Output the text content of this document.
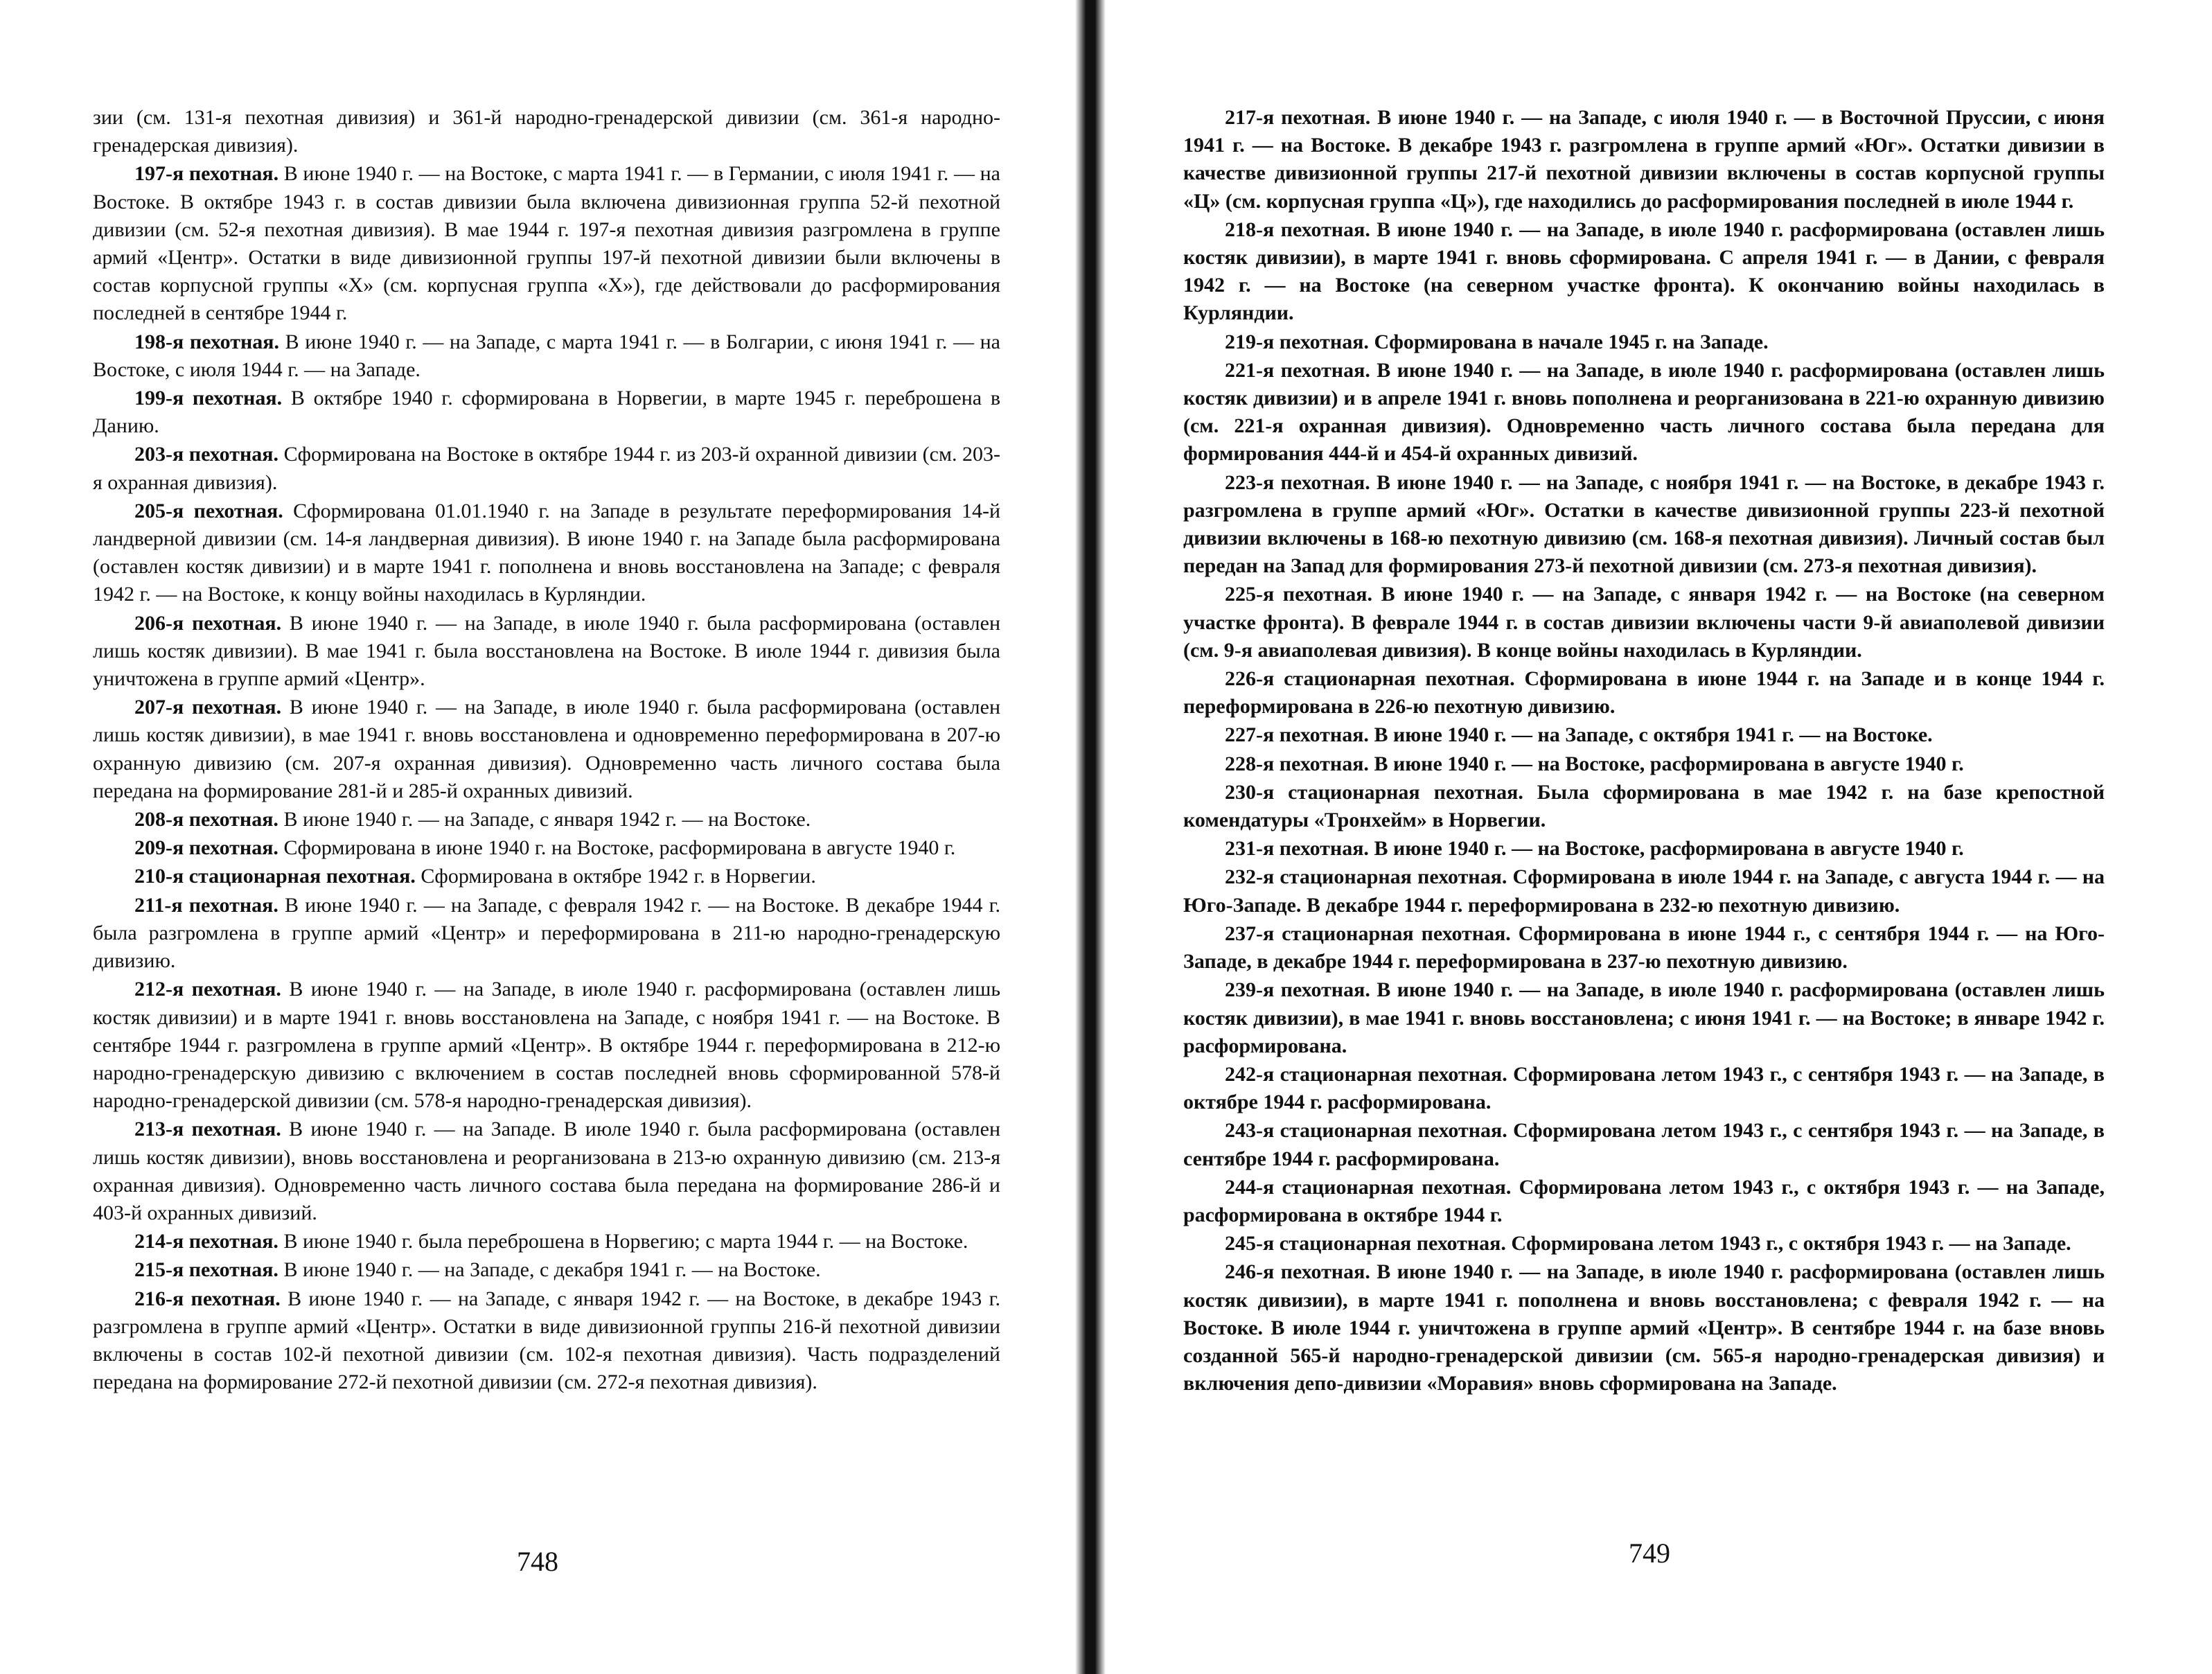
зии (см. 131-я пехотная дивизия) и 361-й народно-гренадерской дивизии (см. 361-я народно-гренадерская дивизия).

197-я пехотная. В июне 1940 г. — на Востоке, с марта 1941 г. — в Германии, с июля 1941 г. — на Востоке. В октябре 1943 г. в состав дивизии была включена дивизионная группа 52-й пехотной дивизии (см. 52-я пехотная дивизия). В мае 1944 г. 197-я пехотная дивизия разгромлена в группе армий «Центр». Остатки в виде дивизионной группы 197-й пехотной дивизии были включены в состав корпусной группы «Х» (см. корпусная группа «Х»), где действовали до расформирования последней в сентябре 1944 г.

198-я пехотная. В июне 1940 г. — на Западе, с марта 1941 г. — в Болгарии, с июня 1941 г. — на Востоке, с июля 1944 г. — на Западе.

199-я пехотная. В октябре 1940 г. сформирована в Норвегии, в марте 1945 г. переброшена в Данию.

203-я пехотная. Сформирована на Востоке в октябре 1944 г. из 203-й охранной дивизии (см. 203-я охранная дивизия).

205-я пехотная. Сформирована 01.01.1940 г. на Западе в результате переформирования 14-й ландверной дивизии (см. 14-я ландверная дивизия). В июне 1940 г. на Западе была расформирована (оставлен костяк дивизии) и в марте 1941 г. пополнена и вновь восстановлена на Западе; с февраля 1942 г. — на Востоке, к концу войны находилась в Курляндии.

206-я пехотная. В июне 1940 г. — на Западе, в июле 1940 г. была расформирована (оставлен лишь костяк дивизии). В мае 1941 г. была восстановлена на Востоке. В июле 1944 г. дивизия была уничтожена в группе армий «Центр».

207-я пехотная. В июне 1940 г. — на Западе, в июле 1940 г. была расформирована (оставлен лишь костяк дивизии), в мае 1941 г. вновь восстановлена и одновременно переформирована в 207-ю охранную дивизию (см. 207-я охранная дивизия). Одновременно часть личного состава была передана на формирование 281-й и 285-й охранных дивизий.

208-я пехотная. В июне 1940 г. — на Западе, с января 1942 г. — на Востоке.

209-я пехотная. Сформирована в июне 1940 г. на Востоке, расформирована в августе 1940 г.

210-я стационарная пехотная. Сформирована в октябре 1942 г. в Норвегии.

211-я пехотная. В июне 1940 г. — на Западе, с февраля 1942 г. — на Востоке. В декабре 1944 г. была разгромлена в группе армий «Центр» и переформирована в 211-ю народно-гренадерскую дивизию.

212-я пехотная. В июне 1940 г. — на Западе, в июле 1940 г. расформирована (оставлен лишь костяк дивизии) и в марте 1941 г. вновь восстановлена на Западе, с ноября 1941 г. — на Востоке. В сентябре 1944 г. разгромлена в группе армий «Центр». В октябре 1944 г. переформирована в 212-ю народно-гренадерскую дивизию с включением в состав последней вновь сформированной 578-й народно-гренадерской дивизии (см. 578-я народно-гренадерская дивизия).

213-я пехотная. В июне 1940 г. — на Западе. В июле 1940 г. была расформирована (оставлен лишь костяк дивизии), вновь восстановлена и реорганизована в 213-ю охранную дивизию (см. 213-я охранная дивизия). Одновременно часть личного состава была передана на формирование 286-й и 403-й охранных дивизий.

214-я пехотная. В июне 1940 г. была переброшена в Норвегию; с марта 1944 г. — на Востоке.

215-я пехотная. В июне 1940 г. — на Западе, с декабря 1941 г. — на Востоке.

216-я пехотная. В июне 1940 г. — на Западе, с января 1942 г. — на Востоке, в декабре 1943 г. разгромлена в группе армий «Центр». Остатки в виде дивизионной группы 216-й пехотной дивизии включены в состав 102-й пехотной дивизии (см. 102-я пехотная дивизия). Часть подразделений передана на формирование 272-й пехотной дивизии (см. 272-я пехотная дивизия).

748

217-я пехотная. В июне 1940 г. — на Западе, с июля 1940 г. — в Восточной Пруссии, с июня 1941 г. — на Востоке. В декабре 1943 г. разгромлена в группе армий «Юг». Остатки дивизии в качестве дивизионной группы 217-й пехотной дивизии включены в состав корпусной группы «Ц» (см. корпусная группа «Ц»), где находились до расформирования последней в июле 1944 г.

218-я пехотная. В июне 1940 г. — на Западе, в июле 1940 г. расформирована (оставлен лишь костяк дивизии), в марте 1941 г. вновь сформирована. С апреля 1941 г. — в Дании, с февраля 1942 г. — на Востоке (на северном участке фронта). К окончанию войны находилась в Курляндии.

219-я пехотная. Сформирована в начале 1945 г. на Западе.

221-я пехотная. В июне 1940 г. — на Западе, в июле 1940 г. расформирована (оставлен лишь костяк дивизии) и в апреле 1941 г. вновь пополнена и реорганизована в 221-ю охранную дивизию (см. 221-я охранная дивизия). Одновременно часть личного состава была передана для формирования 444-й и 454-й охранных дивизий.

223-я пехотная. В июне 1940 г. — на Западе, с ноября 1941 г. — на Востоке, в декабре 1943 г. разгромлена в группе армий «Юг». Остатки в качестве дивизионной группы 223-й пехотной дивизии включены в 168-ю пехотную дивизию (см. 168-я пехотная дивизия). Личный состав был передан на Запад для формирования 273-й пехотной дивизии (см. 273-я пехотная дивизия).

225-я пехотная. В июне 1940 г. — на Западе, с января 1942 г. — на Востоке (на северном участке фронта). В феврале 1944 г. в состав дивизии включены части 9-й авиаполевой дивизии (см. 9-я авиаполевая дивизия). В конце войны находилась в Курляндии.

226-я стационарная пехотная. Сформирована в июне 1944 г. на Западе и в конце 1944 г. переформирована в 226-ю пехотную дивизию.

227-я пехотная. В июне 1940 г. — на Западе, с октября 1941 г. — на Востоке.

228-я пехотная. В июне 1940 г. — на Востоке, расформирована в августе 1940 г.

230-я стационарная пехотная. Была сформирована в мае 1942 г. на базе крепостной комендатуры «Тронхейм» в Норвегии.

231-я пехотная. В июне 1940 г. — на Востоке, расформирована в августе 1940 г.

232-я стационарная пехотная. Сформирована в июле 1944 г. на Западе, с августа 1944 г. — на Юго-Западе. В декабре 1944 г. переформирована в 232-ю пехотную дивизию.

237-я стационарная пехотная. Сформирована в июне 1944 г., с сентября 1944 г. — на Юго-Западе, в декабре 1944 г. переформирована в 237-ю пехотную дивизию.

239-я пехотная. В июне 1940 г. — на Западе, в июле 1940 г. расформирована (оставлен лишь костяк дивизии), в мае 1941 г. вновь восстановлена; с июня 1941 г. — на Востоке; в январе 1942 г. расформирована.

242-я стационарная пехотная. Сформирована летом 1943 г., с сентября 1943 г. — на Западе, в октябре 1944 г. расформирована.

243-я стационарная пехотная. Сформирована летом 1943 г., с сентября 1943 г. — на Западе, в сентябре 1944 г. расформирована.

244-я стационарная пехотная. Сформирована летом 1943 г., с октября 1943 г. — на Западе, расформирована в октябре 1944 г.

245-я стационарная пехотная. Сформирована летом 1943 г., с октября 1943 г. — на Западе.

246-я пехотная. В июне 1940 г. — на Западе, в июле 1940 г. расформирована (оставлен лишь костяк дивизии), в марте 1941 г. пополнена и вновь восстановлена; с февраля 1942 г. — на Востоке. В июле 1944 г. уничтожена в группе армий «Центр». В сентябре 1944 г. на базе вновь созданной 565-й народно-гренадерской дивизии (см. 565-я народно-гренадерская дивизия) и включения депо-дивизии «Моравия» вновь сформирована на Западе.

749
